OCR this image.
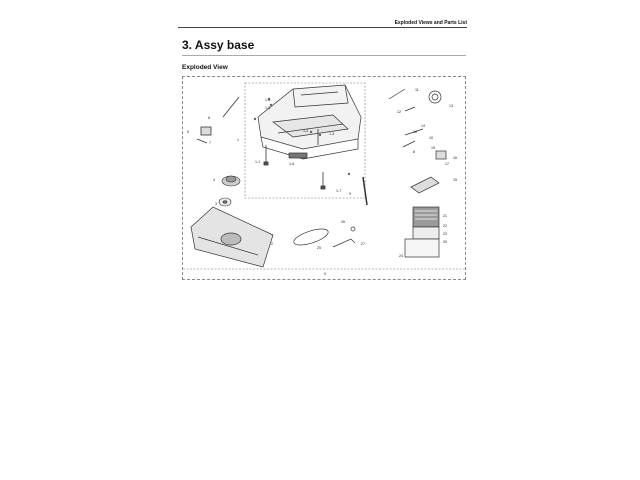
Exploded Views and Parts List
3. Assy base
Exploded View
0
6
5
7
1
4
3
2
1-4
1-5
1-1	1-6
1-2
1-3
1-7
11
13
12
14
18
10
8
19
16
17
15
9
21
22
23
20
24
26
27
25
